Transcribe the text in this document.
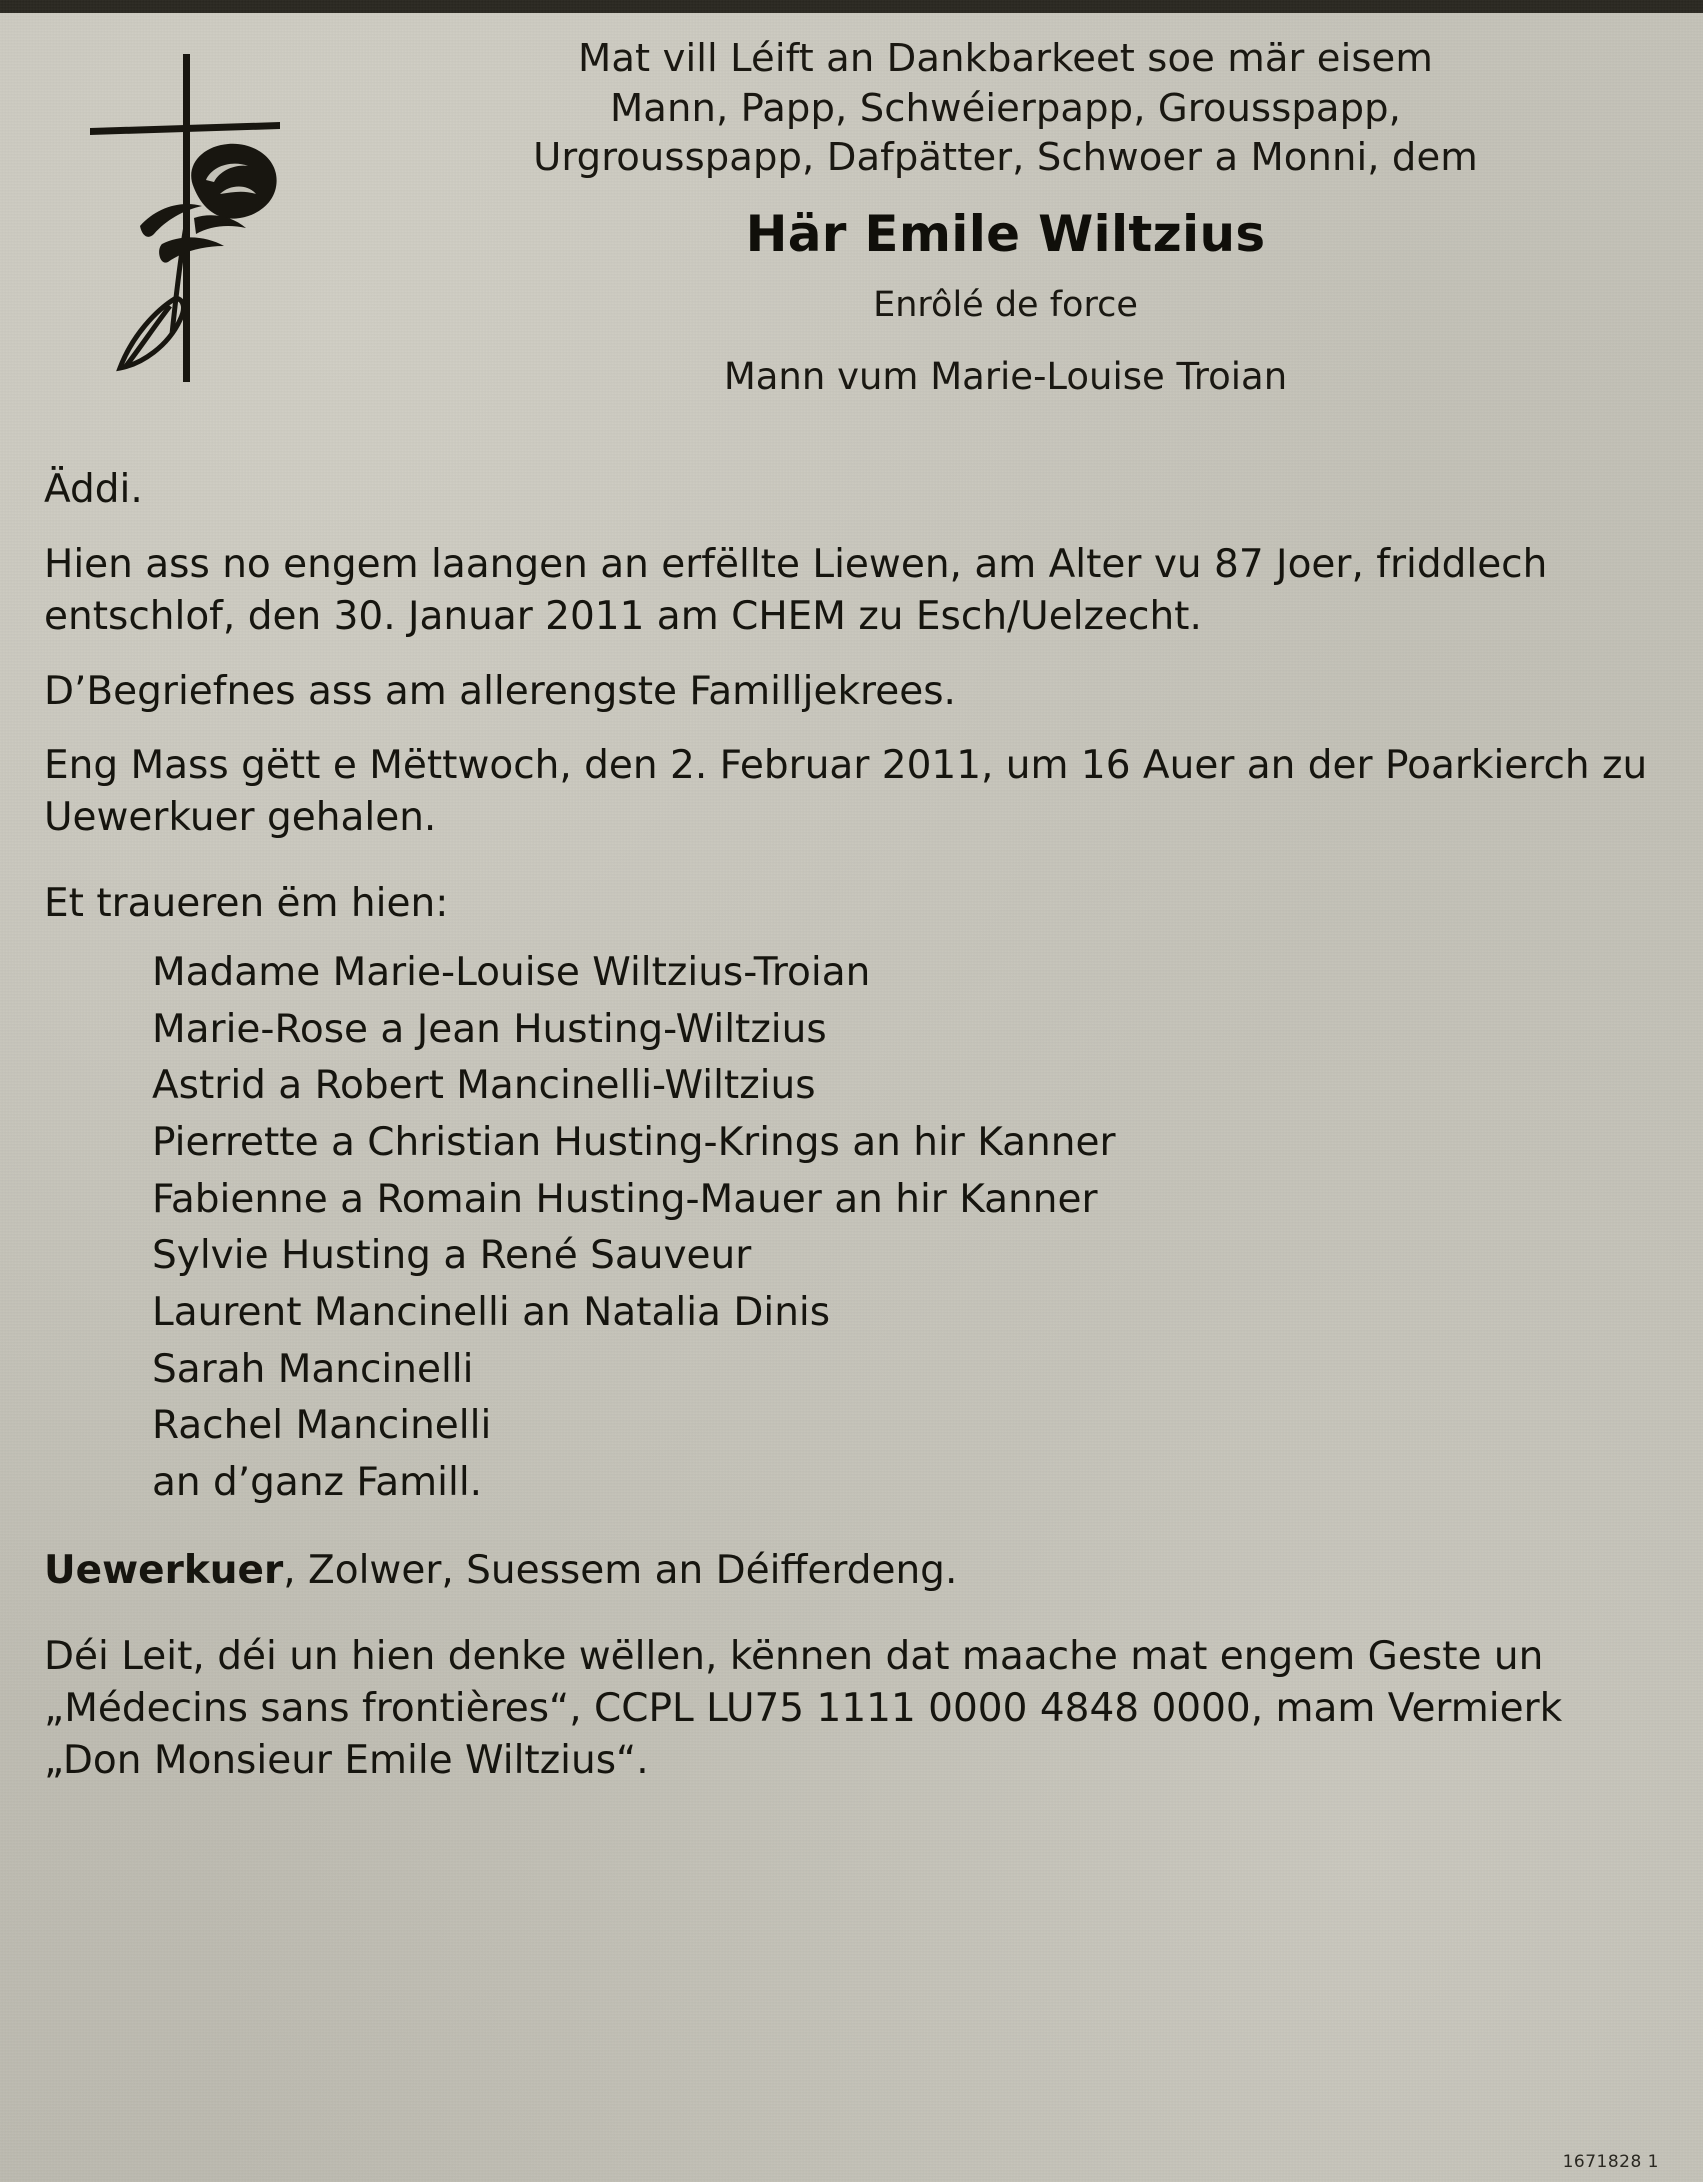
Mat vill Léift an Dankbarkeet soe mär eisem
Mann, Papp, Schwéierpapp, Grousspapp,
Urgrousspapp, Dafpätter, Schwoer a Monni, dem
Här Emile Wiltzius
Enrôlé de force
Mann vum Marie-Louise Troian
Äddi.
Hien ass no engem laangen an erfëllte Liewen, am Alter vu 87 Joer, friddlech entschlof, den 30. Januar 2011 am CHEM zu Esch/Uelzecht.
D’Begriefnes ass am allerengste Familljekrees.
Eng Mass gëtt e Mëttwoch, den 2. Februar 2011, um 16 Auer an der Poarkierch zu Uewerkuer gehalen.
Et traueren ëm hien:
Madame Marie-Louise Wiltzius-Troian
Marie-Rose a Jean Husting-Wiltzius
Astrid a Robert Mancinelli-Wiltzius
Pierrette a Christian Husting-Krings an hir Kanner
Fabienne a Romain Husting-Mauer an hir Kanner
Sylvie Husting a René Sauveur
Laurent Mancinelli an Natalia Dinis
Sarah Mancinelli
Rachel Mancinelli
an d’ganz Famill.
Uewerkuer, Zolwer, Suessem an Déifferdeng.
Déi Leit, déi un hien denke wëllen, kënnen dat maache mat engem Geste un „Médecins sans frontières“, CCPL LU75 1111 0000 4848 0000, mam Vermierk „Don Monsieur Emile Wiltzius“.
1671828 1
